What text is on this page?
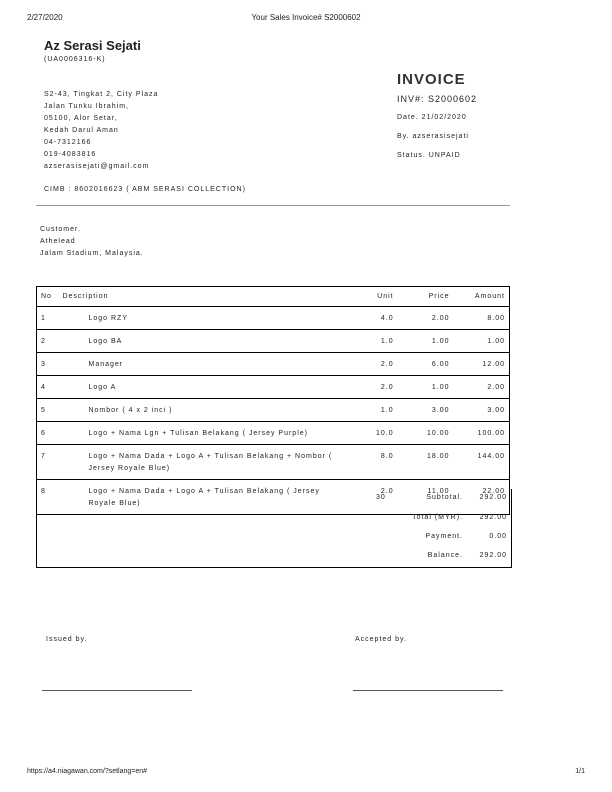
2/27/2020	Your Sales Invoice# S2000602
Az Serasi Sejati
(UA0006316-K)
INVOICE
INV#: S2000602
Date. 21/02/2020
By. azserasisejati
Status. UNPAID
S2-43, Tingkat 2, City Plaza
Jalan Tunku Ibrahim,
05100, Alor Setar,
Kedah Darul Aman
04-7312166
019-4083816
azserasisejati@gmail.com
CIMB : 8602016623 ( ABM SERASI COLLECTION)
Customer.
Athelead
Jalam Stadium, Malaysia.
No	Description	Unit	Price	Amount
1	Logo RZY	4.0	2.00	8.00
2	Logo BA	1.0	1.00	1.00
3	Manager	2.0	6.00	12.00
4	Logo A	2.0	1.00	2.00
5	Nombor ( 4 x 2 inci )	1.0	3.00	3.00
6	Logo + Nama Lgn + Tulisan Belakang ( Jersey Purple)	10.0	10.00	100.00
7	Logo + Nama Dada + Logo A + Tulisan Belakang + Nombor ( Jersey Royale Blue)	8.0	18.00	144.00
8	Logo + Nama Dada + Logo A + Tulisan Belakang ( Jersey Royale Blue)	2.0	11.00	22.00
30	Subtotal. 292.00
Total (MYR). 292.00
Payment.	0.00
Balance. 292.00
Issued by.	Accepted by.
https://a4.niagawan.com/?setlang=en#	1/1
